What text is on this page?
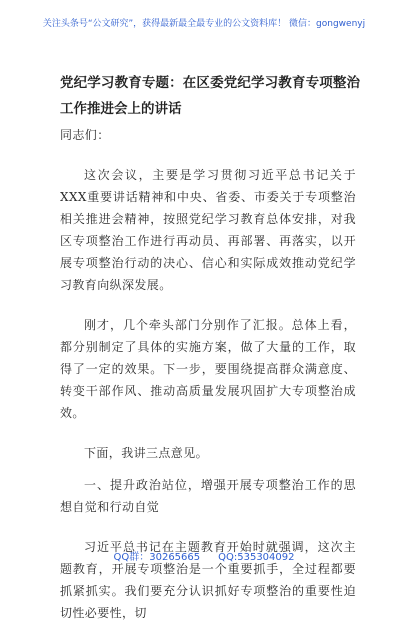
关注头条号“公文研究”，获得最新最全最专业的公文资料库！ 微信：gongwenyj
党纪学习教育专题：在区委党纪学习教育专项整治工作推进会上的讲话

同志们：

这次会议，主要是学习贯彻习近平总书记关于XXX重要讲话精神和中央、省委、市委关于专项整治相关推进会精神，按照党纪学习教育总体安排，对我区专项整治工作进行再动员、再部署、再落实，以开展专项整治行动的决心、信心和实际成效推动党纪学习教育向纵深发展。

刚才，几个牵头部门分别作了汇报。总体上看，都分别制定了具体的实施方案，做了大量的工作，取得了一定的效果。下一步，要围绕提高群众满意度、转变干部作风、推动高质量发展巩固扩大专项整治成效。

下面，我讲三点意见。

一、提升政治站位，增强开展专项整治工作的思想自觉和行动自觉

习近平总书记在主题教育开始时就强调，这次主题教育，开展专项整治是一个重要抓手，全过程都要抓紧抓实。我们要充分认识抓好专项整治的重要性迫切性必要性，切

QQ群：30265665 QQ:535304092
